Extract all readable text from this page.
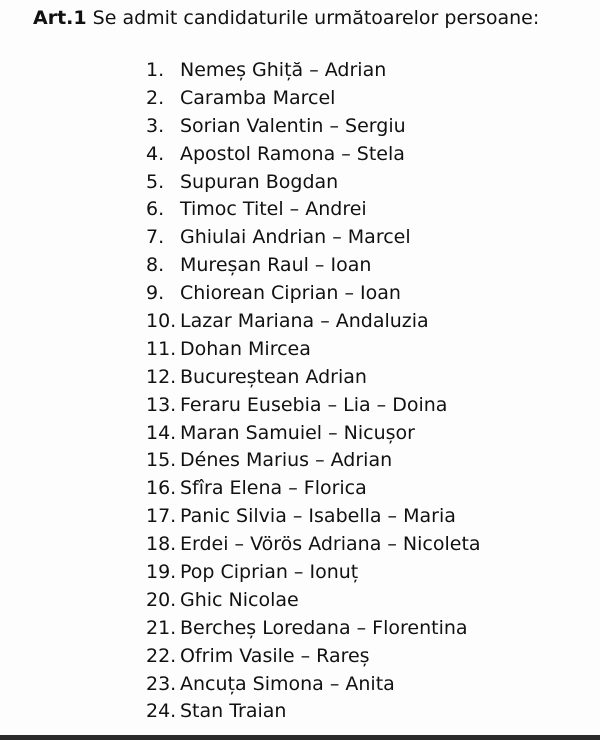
Art.1 Se admit candidaturile următoarelor persoane:
1. Nemeș Ghiță – Adrian
2. Caramba Marcel
3. Sorian Valentin – Sergiu
4. Apostol Ramona – Stela
5. Supuran Bogdan
6. Timoc Titel – Andrei
7. Ghiulai Andrian – Marcel
8. Mureșan Raul – Ioan
9. Chiorean Ciprian – Ioan
10. Lazar Mariana – Andaluzia
11. Dohan Mircea
12. Bucureștean Adrian
13. Feraru Eusebia – Lia – Doina
14. Maran Samuiel – Nicușor
15. Dénes Marius – Adrian
16. Sfîra Elena – Florica
17. Panic Silvia – Isabella – Maria
18. Erdei – Vörös Adriana – Nicoleta
19. Pop Ciprian – Ionuț
20. Ghic Nicolae
21. Bercheș Loredana – Florentina
22. Ofrim Vasile – Rareș
23. Ancuța Simona – Anita
24. Stan Traian
